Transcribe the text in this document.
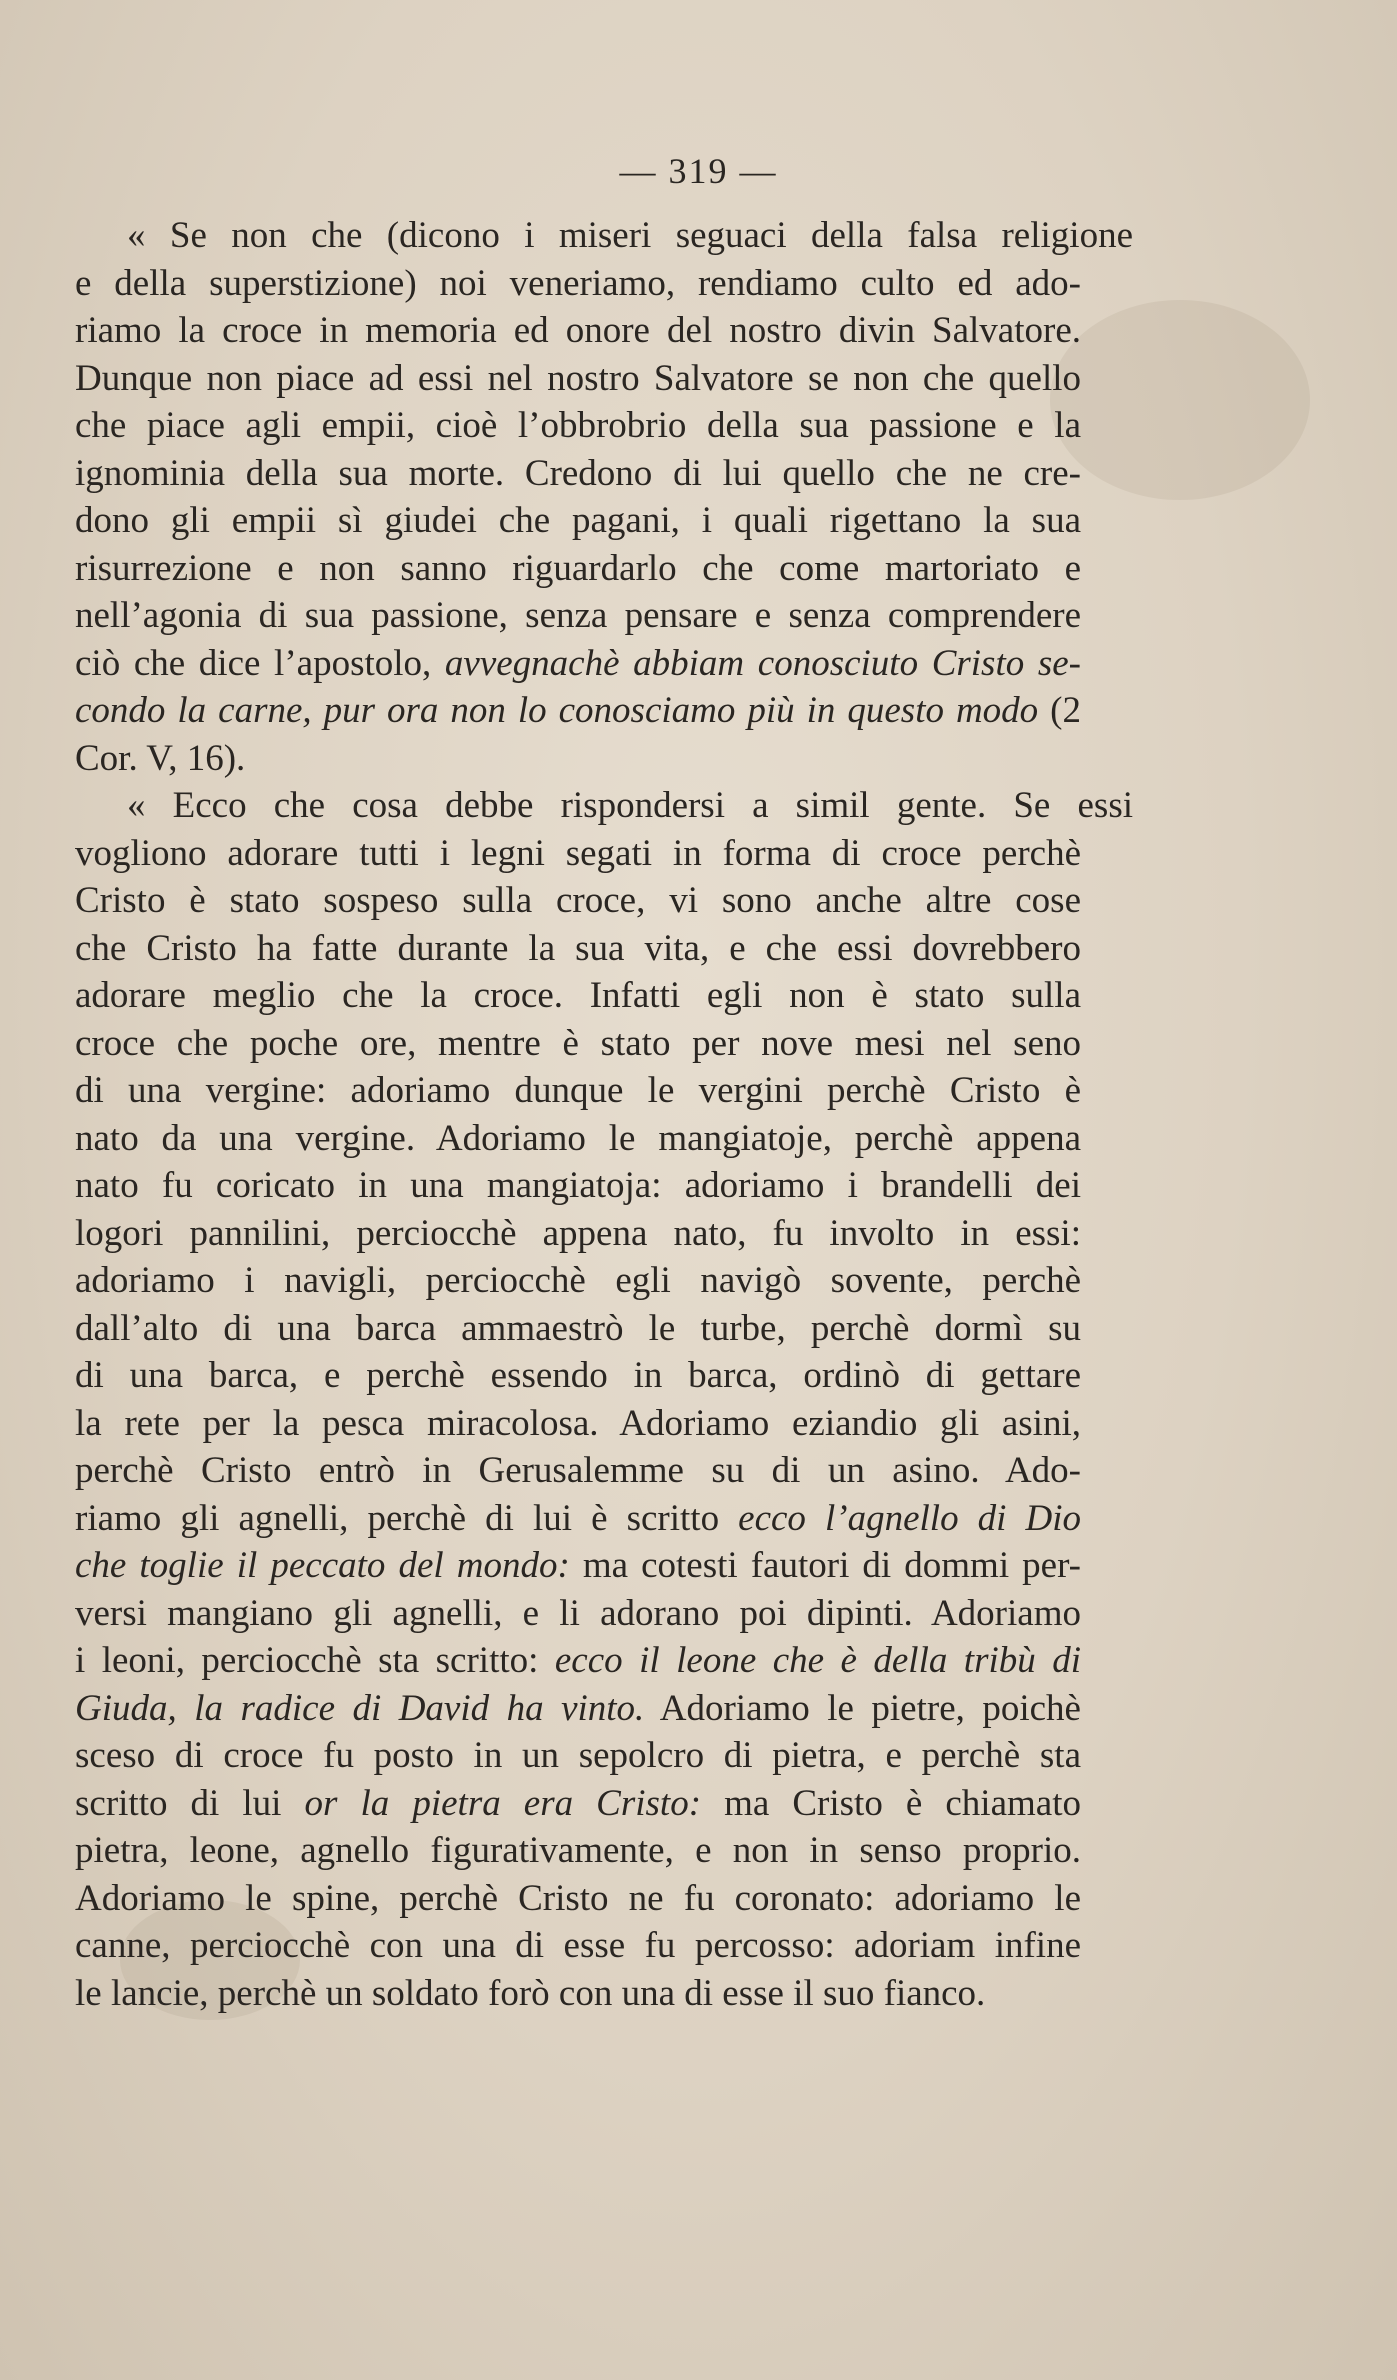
— 319 —
« Se non che (dicono i miseri seguaci della falsa religione
e della superstizione) noi veneriamo, rendiamo culto ed ado-
riamo la croce in memoria ed onore del nostro divin Salvatore.
Dunque non piace ad essi nel nostro Salvatore se non che quello
che piace agli empii, cioè l’obbrobrio della sua passione e la
ignominia della sua morte. Credono di lui quello che ne cre-
dono gli empii sì giudei che pagani, i quali rigettano la sua
risurrezione e non sanno riguardarlo che come martoriato e
nell’agonia di sua passione, senza pensare e senza comprendere
ciò che dice l’apostolo, avvegnachè abbiam conosciuto Cristo se-
condo la carne, pur ora non lo conosciamo più in questo modo (2
Cor. V, 16).
« Ecco che cosa debbe rispondersi a simil gente. Se essi
vogliono adorare tutti i legni segati in forma di croce perchè
Cristo è stato sospeso sulla croce, vi sono anche altre cose
che Cristo ha fatte durante la sua vita, e che essi dovrebbero
adorare meglio che la croce. Infatti egli non è stato sulla
croce che poche ore, mentre è stato per nove mesi nel seno
di una vergine: adoriamo dunque le vergini perchè Cristo è
nato da una vergine. Adoriamo le mangiatoje, perchè appena
nato fu coricato in una mangiatoja: adoriamo i brandelli dei
logori pannilini, perciocchè appena nato, fu involto in essi:
adoriamo i navigli, perciocchè egli navigò sovente, perchè
dall’alto di una barca ammaestrò le turbe, perchè dormì su
di una barca, e perchè essendo in barca, ordinò di gettare
la rete per la pesca miracolosa. Adoriamo eziandio gli asini,
perchè Cristo entrò in Gerusalemme su di un asino. Ado-
riamo gli agnelli, perchè di lui è scritto ecco l’agnello di Dio
che toglie il peccato del mondo: ma cotesti fautori di dommi per-
versi mangiano gli agnelli, e li adorano poi dipinti. Adoriamo
i leoni, perciocchè sta scritto: ecco il leone che è della tribù di
Giuda, la radice di David ha vinto. Adoriamo le pietre, poichè
sceso di croce fu posto in un sepolcro di pietra, e perchè sta
scritto di lui or la pietra era Cristo: ma Cristo è chiamato
pietra, leone, agnello figurativamente, e non in senso proprio.
Adoriamo le spine, perchè Cristo ne fu coronato: adoriamo le
canne, perciocchè con una di esse fu percosso: adoriam infine
le lancie, perchè un soldato forò con una di esse il suo fianco.
